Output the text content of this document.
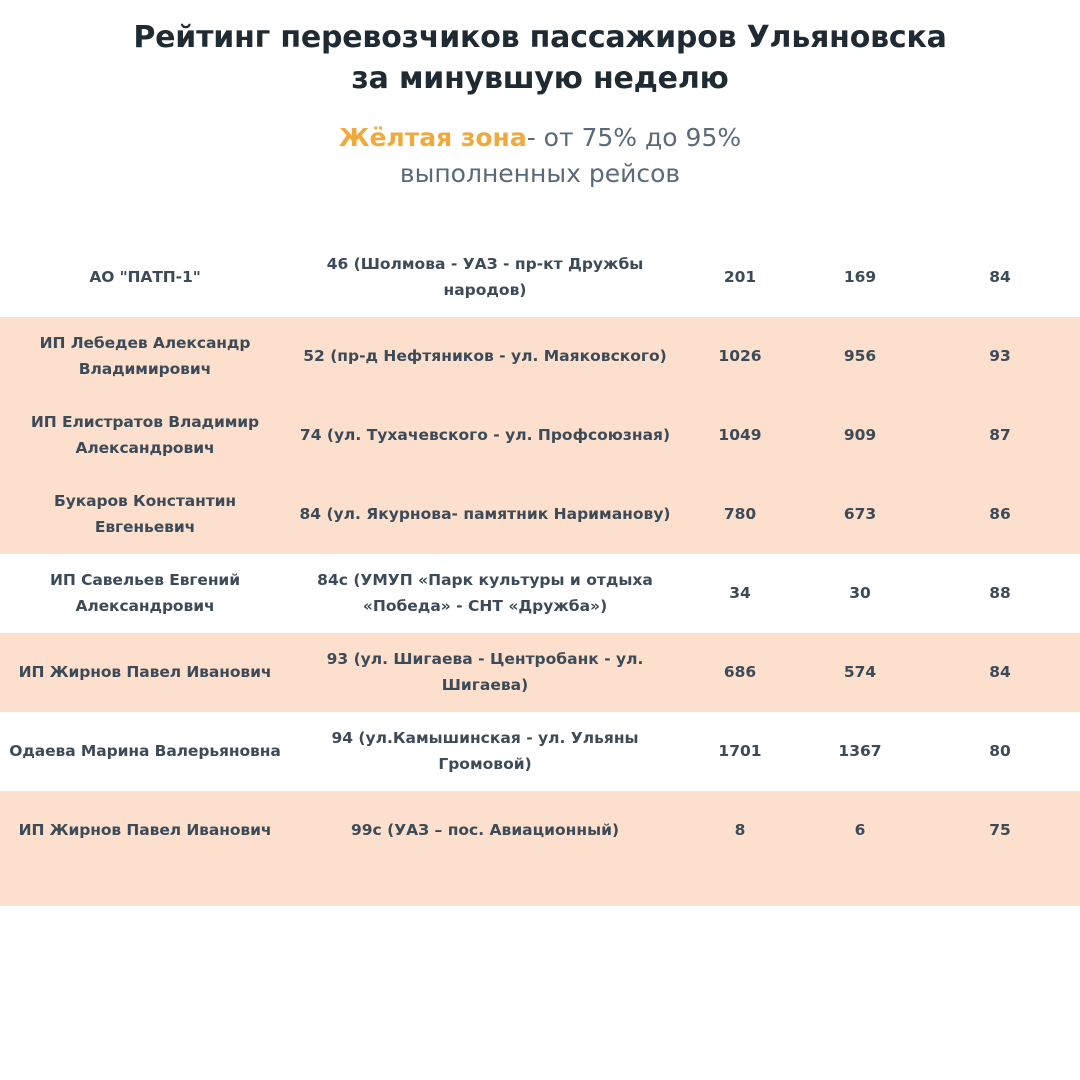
Рейтинг перевозчиков пассажиров Ульяновска
за минувшую неделю
Жёлтая зона- от 75% до 95%
выполненных рейсов
АО "ПАТП-1"	46 (Шолмова - УАЗ - пр-кт Дружбы народов)	201	169	84
ИП Лебедев Александр Владимирович	52 (пр-д Нефтяников - ул. Маяковского)	1026	956	93
ИП Елистратов Владимир Александрович	74 (ул. Тухачевского - ул. Профсоюзная)	1049	909	87
Букаров Константин Евгеньевич	84 (ул. Якурнова- памятник Нариманову)	780	673	86
ИП Савельев Евгений Александрович	84с (УМУП «Парк культуры и отдыха «Победа» - СНТ «Дружба»)	34	30	88
ИП Жирнов Павел Иванович	93 (ул. Шигаева - Центробанк - ул. Шигаева)	686	574	84
Одаева Марина Валерьяновна	94 (ул.Камышинская - ул. Ульяны Громовой)	1701	1367	80
ИП Жирнов Павел Иванович	99с (УАЗ – пос. Авиационный)	8	6	75
